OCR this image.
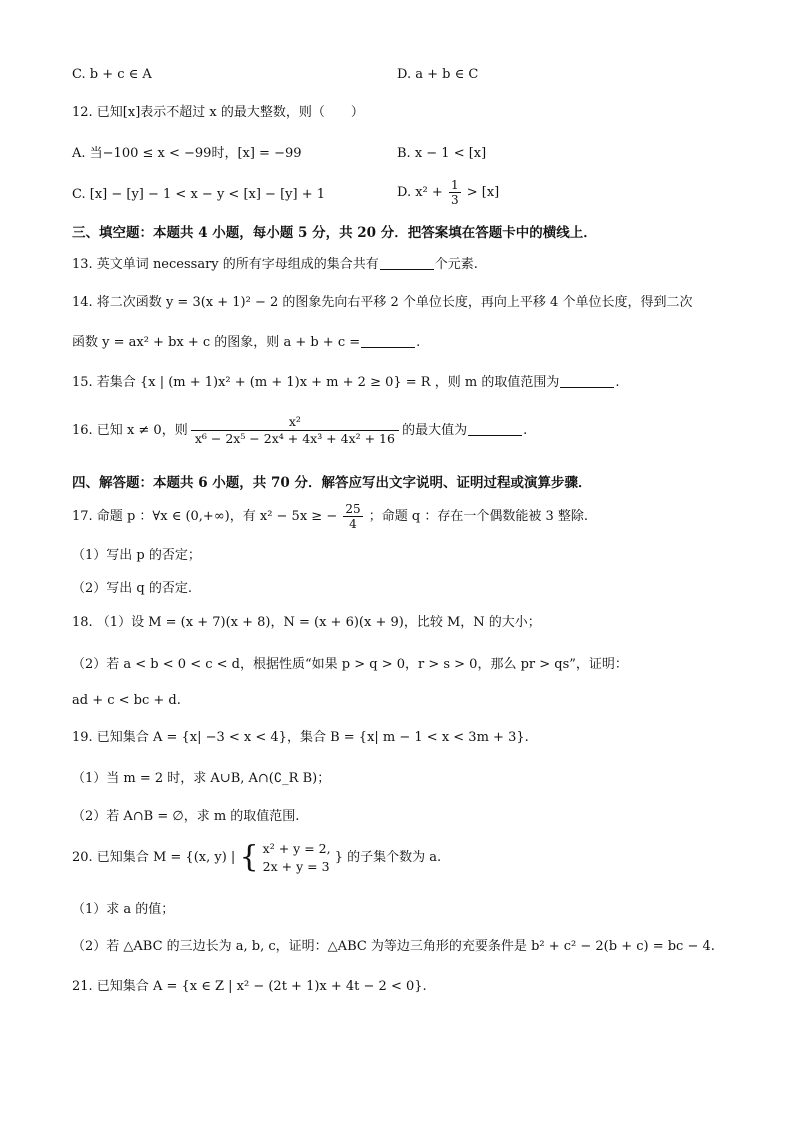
C. b + c ∈ A	D. a + b ∈ C
12. 已知[x]表示不超过 x 的最大整数，则（　　）
A. 当−100 ≤ x < −99时，[x] = −99	B. x − 1 < [x]
C. [x] − [y] − 1 < x − y < [x] − [y] + 1	D. $x^2 + \frac{1}{3} > [x]$
三、填空题：本题共 4 小题，每小题 5 分，共 20 分．把答案填在答题卡中的横线上．
13. 英文单词 necessary 的所有字母组成的集合共有	个元素.
14. 将二次函数 y = 3(x + 1)² − 2 的图象先向右平移 2 个单位长度，再向上平移 4 个单位长度，得到二次
函数 y = ax² + bx + c 的图象，则 a + b + c =	.
15. 若集合 {x | (m + 1)x² + (m + 1)x + m + 2 ≥ 0} = R ，则 m 的取值范围为	.
16. 已知 x ≠ 0，则 $\frac{\text{x²}}{\text{x⁶ − 2x⁵ − 2x⁴ + 4x³ + 4x² + 16}}$ 的最大值为	.
四、解答题：本题共 6 小题，共 70 分．解答应写出文字说明、证明过程或演算步骤．
17. 命题 p ：∀x ∈ (0,+∞)，有 x² − 5x ≥ − $\frac{25}{4}$ ；命题 q ：存在一个偶数能被 3 整除.
（1）写出 p 的否定；
（2）写出 q 的否定.
18. （1）设 M = (x + 7)(x + 8)，N = (x + 6)(x + 9)，比较 M，N 的大小；
（2）若 a < b < 0 < c < d，根据性质“如果 p > q > 0，r > s > 0，那么 pr > qs”，证明：
ad + c < bc + d.
19. 已知集合 A = {x| −3 < x < 4}，集合 B = {x| m − 1 < x < 3m + 3}.
（1）当 m = 2 时，求 A∪B, A∩(∁_R B)；
（2）若 A∩B = ∅，求 m 的取值范围.
20. 已知集合 M = {(x, y) | { x² + y = 2,
2x + y = 3
} 的子集个数为 a.
（1）求 a 的值；
（2）若 △ABC 的三边长为 a, b, c，证明：△ABC 为等边三角形的充要条件是 b² + c² − 2(b + c) = bc − 4.
21. 已知集合 A = {x ∈ Z | x² − (2t + 1)x + 4t − 2 < 0}.
